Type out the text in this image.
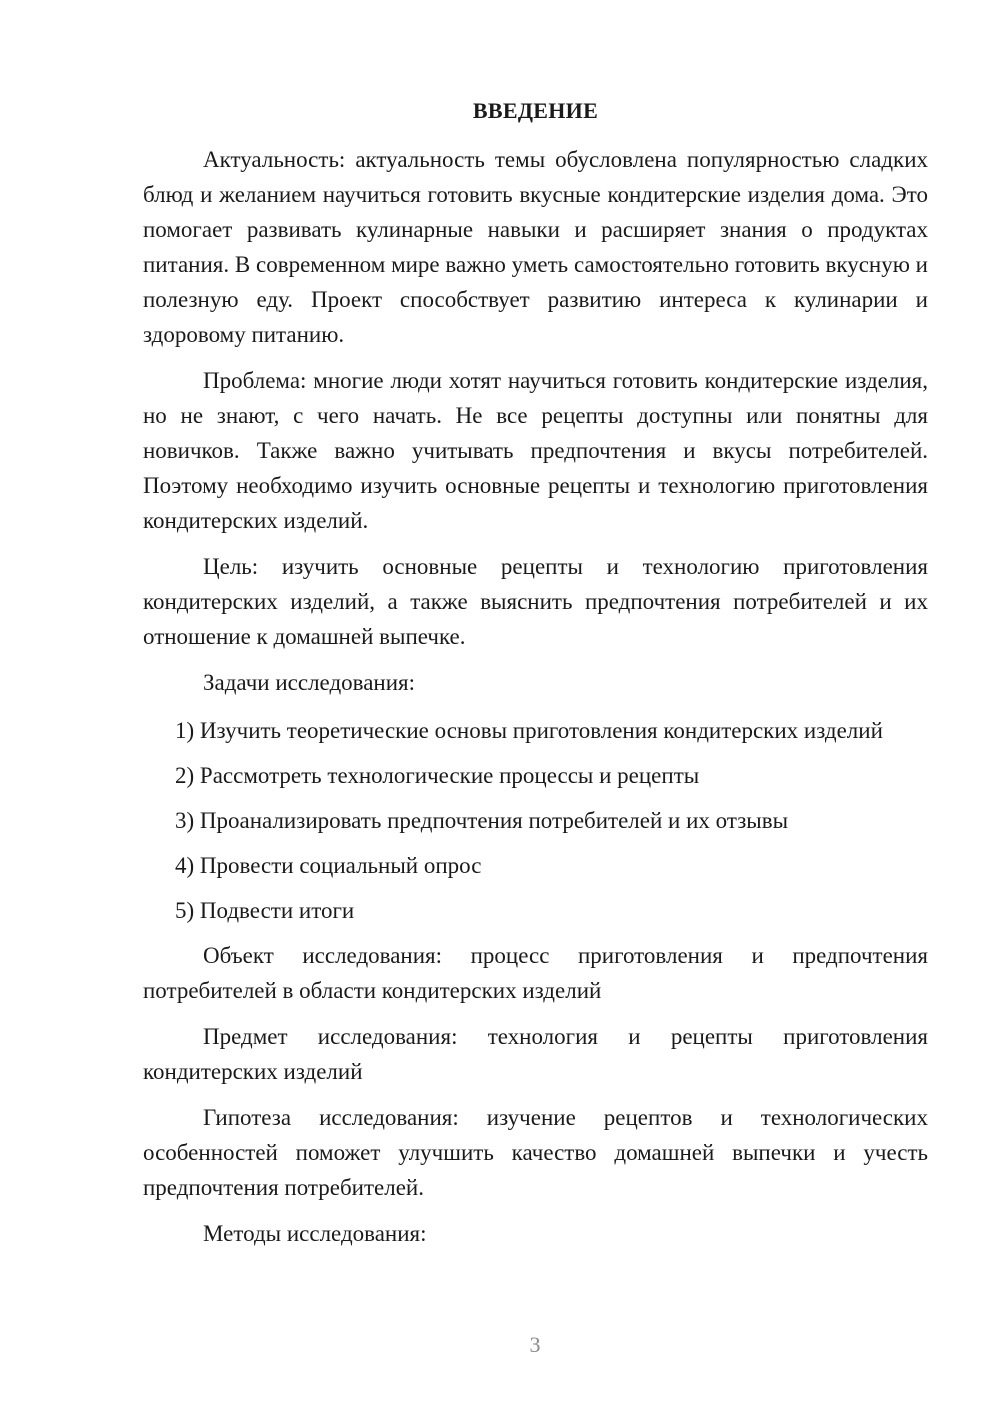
ВВЕДЕНИЕ

Актуальность: актуальность темы обусловлена популярностью сладких блюд и желанием научиться готовить вкусные кондитерские изделия дома. Это помогает развивать кулинарные навыки и расширяет знания о продуктах питания. В современном мире важно уметь самостоятельно готовить вкусную и полезную еду. Проект способствует развитию интереса к кулинарии и здоровому питанию.

Проблема: многие люди хотят научиться готовить кондитерские изделия, но не знают, с чего начать. Не все рецепты доступны или понятны для новичков. Также важно учитывать предпочтения и вкусы потребителей. Поэтому необходимо изучить основные рецепты и технологию приготовления кондитерских изделий.

Цель: изучить основные рецепты и технологию приготовления кондитерских изделий, а также выяснить предпочтения потребителей и их отношение к домашней выпечке.

Задачи исследования:

1) Изучить теоретические основы приготовления кондитерских изделий

2) Рассмотреть технологические процессы и рецепты

3) Проанализировать предпочтения потребителей и их отзывы

4) Провести социальный опрос

5) Подвести итоги

Объект исследования: процесс приготовления и предпочтения потребителей в области кондитерских изделий

Предмет исследования: технология и рецепты приготовления кондитерских изделий

Гипотеза исследования: изучение рецептов и технологических особенностей поможет улучшить качество домашней выпечки и учесть предпочтения потребителей.

Методы исследования:

3
